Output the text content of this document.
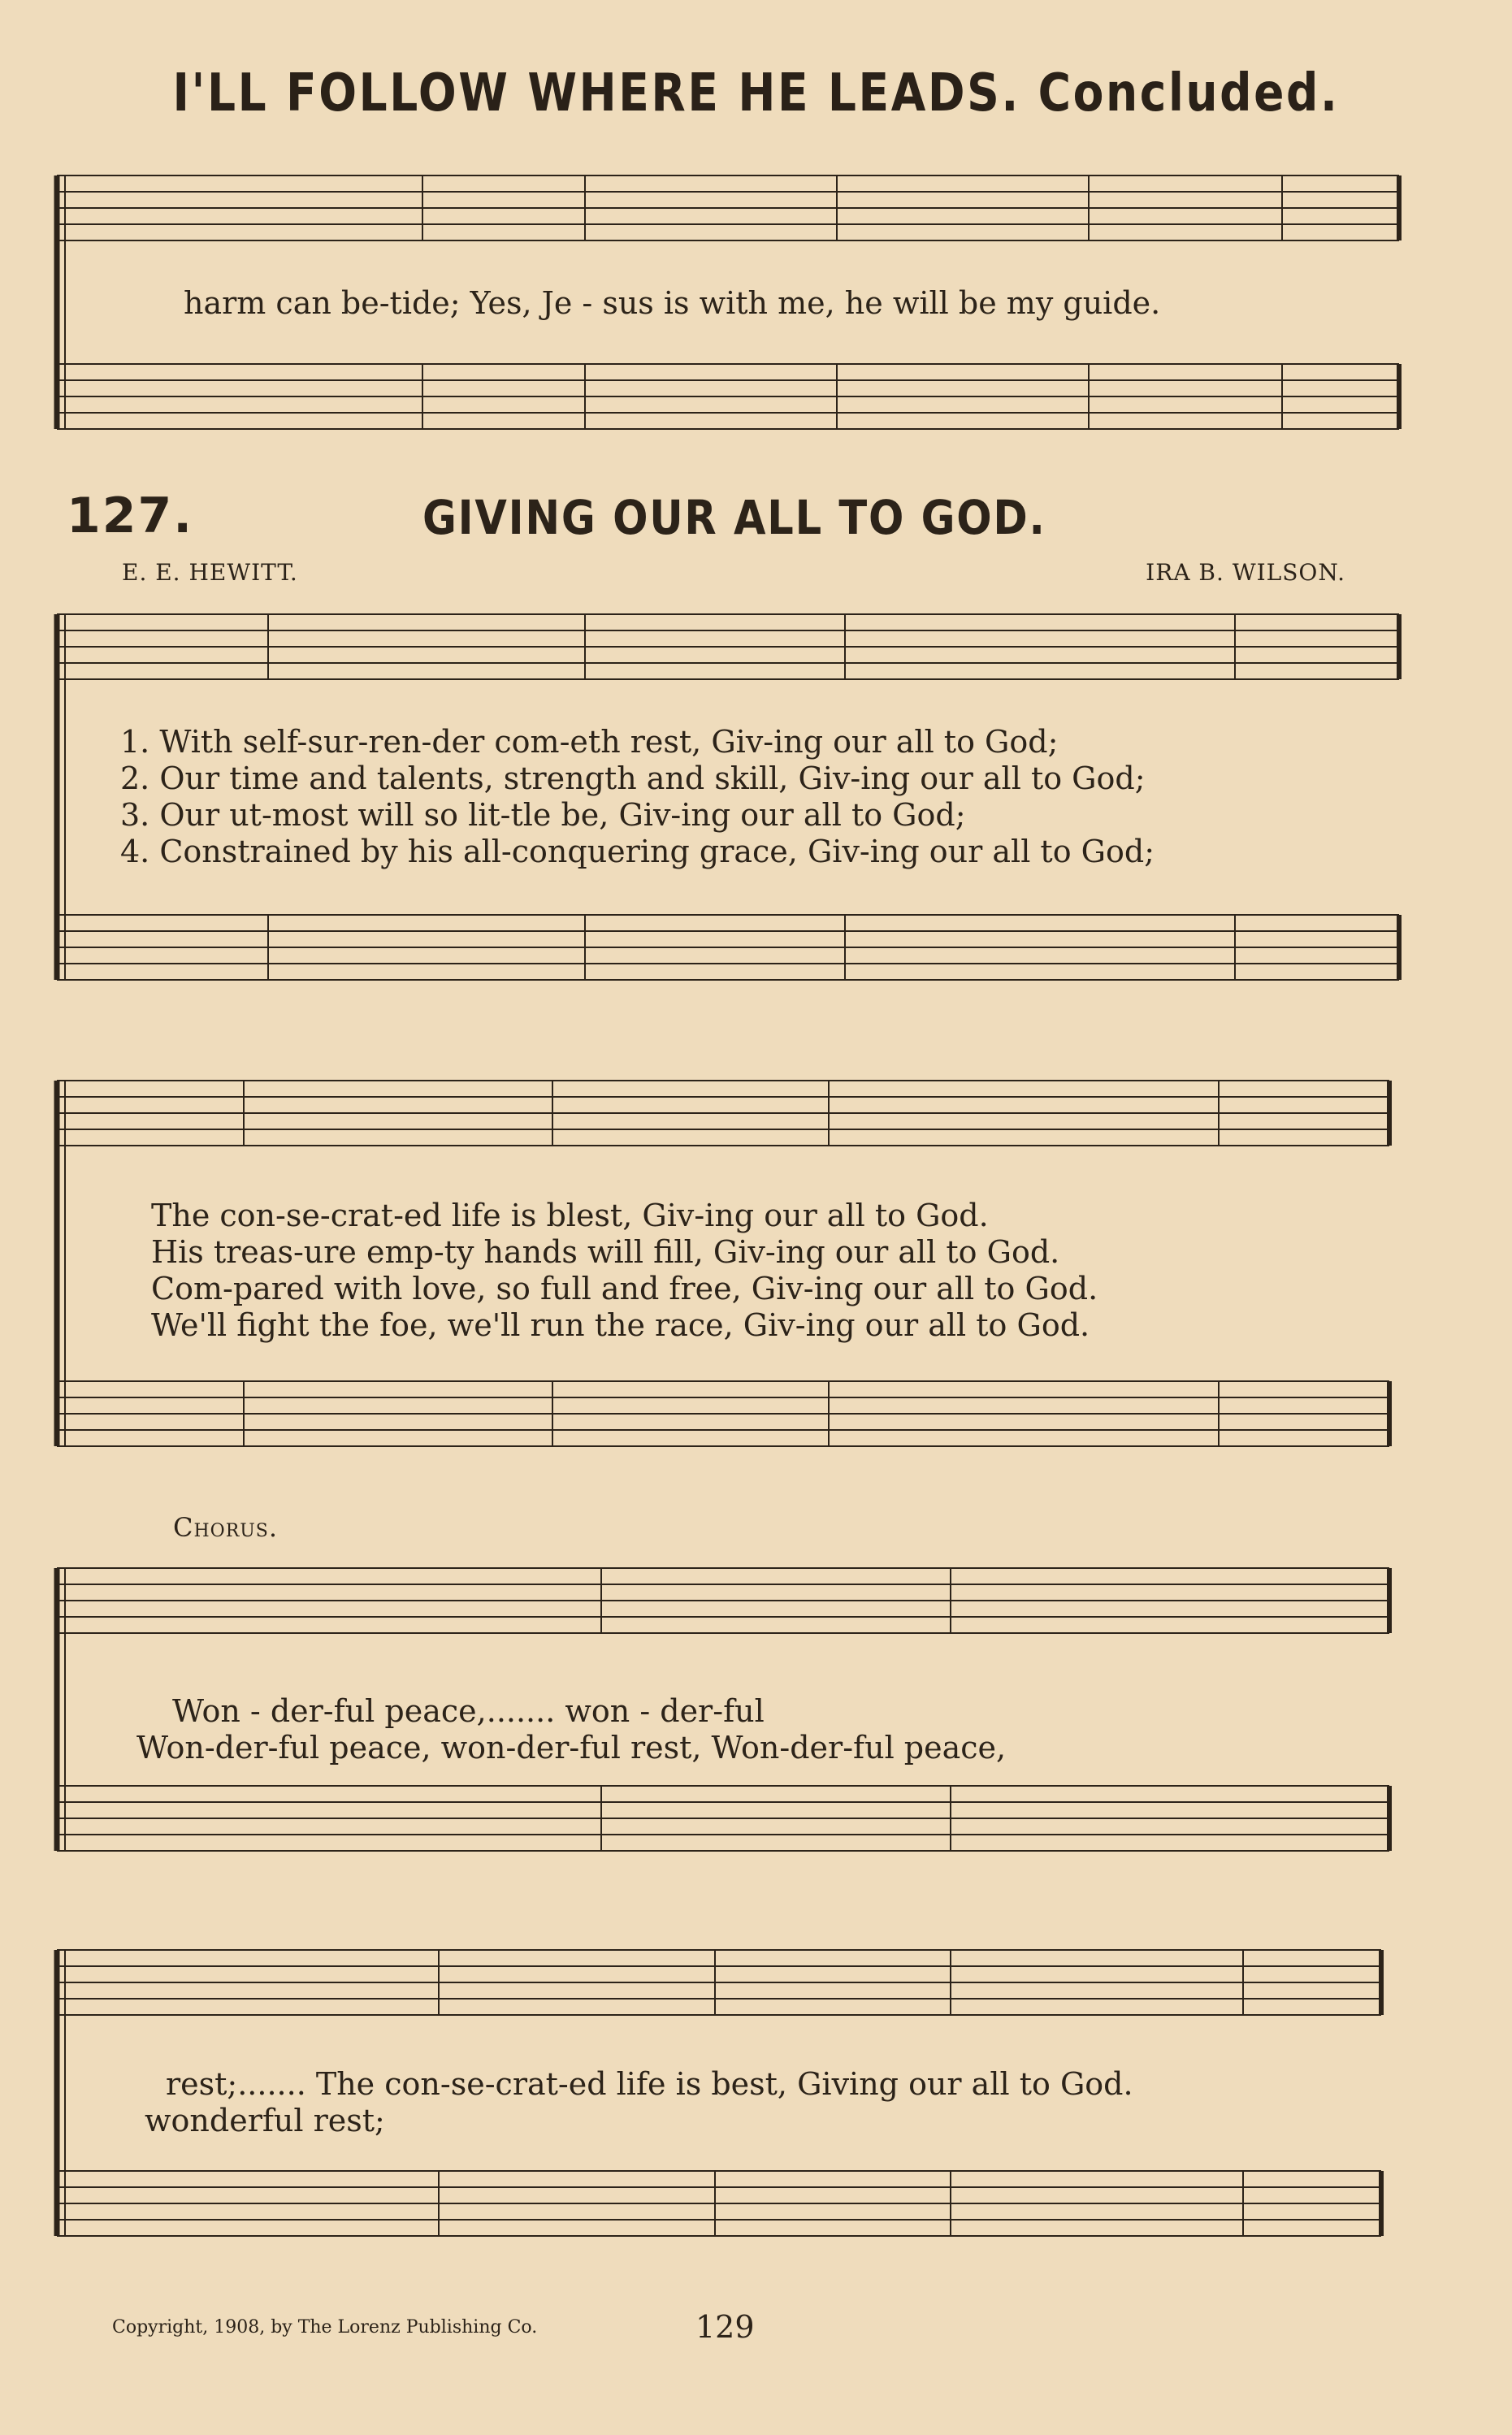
I'LL FOLLOW WHERE HE LEADS. Concluded.
harm can be-tide; Yes, Je - sus is with me, he will be my guide.
127.	GIVING OUR ALL TO GOD.
E. E. HEWITT.	IRA B. WILSON.
1. With self-sur-ren-der com-eth rest, Giv-ing our all to God;
2. Our time and talents, strength and skill, Giv-ing our all to God;
3. Our ut-most will so lit-tle be, Giv-ing our all to God;
4. Constrained by his all-conquering grace, Giv-ing our all to God;
The con-se-crat-ed life is blest, Giv-ing our all to God.
His treas-ure emp-ty hands will fill, Giv-ing our all to God.
Com-pared with love, so full and free, Giv-ing our all to God.
We'll fight the foe, we'll run the race, Giv-ing our all to God.
Chorus.
Won - der-ful peace,....... won - der-ful
Won-der-ful peace, won-der-ful rest, Won-der-ful peace,
rest;....... The con-se-crat-ed life is best, Giving our all to God.
wonderful rest;
Copyright, 1908, by The Lorenz Publishing Co.	129
